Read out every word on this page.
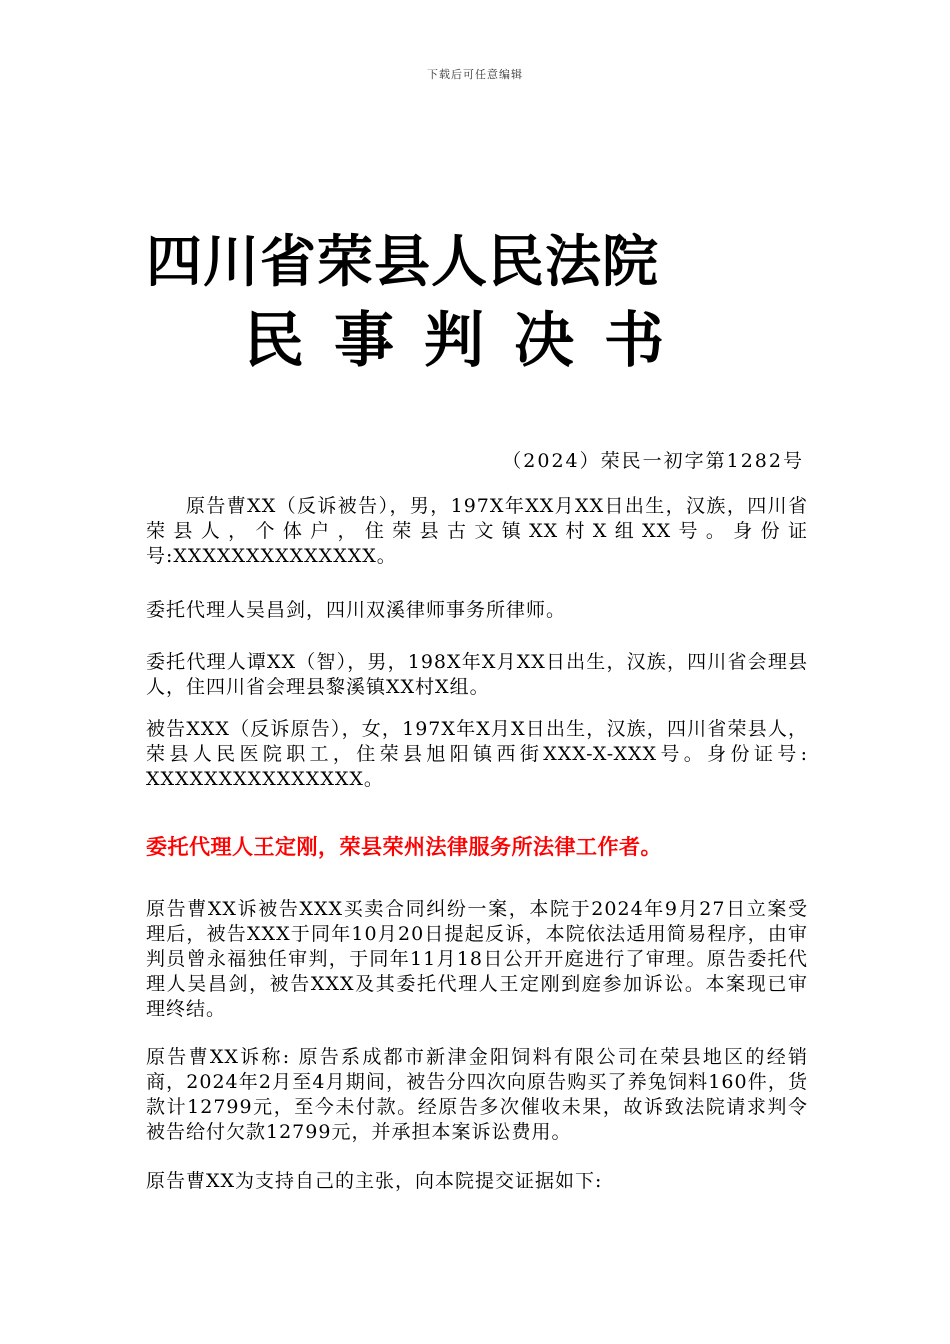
下载后可任意编辑
四川省荣县人民法院
民事判决书
（2024）荣民一初字第1282号

原告曹XX（反诉被告），男，197X年XX月XX日出生，汉族，四川省荣县人，个体户，住荣县古文镇XX村X组XX号。身份证号:XXXXXXXXXXXXXX。

委托代理人吴昌剑，四川双溪律师事务所律师。

委托代理人谭XX（智），男，198X年X月XX日出生，汉族，四川省会理县人，住四川省会理县黎溪镇XX村X组。

被告XXX（反诉原告），女，197X年X月X日出生，汉族，四川省荣县人，荣县人民医院职工，住荣县旭阳镇西街XXX-X-XXX号。身份证号: XXXXXXXXXXXXXXX。

委托代理人王定刚，荣县荣州法律服务所法律工作者。

原告曹XX诉被告XXX买卖合同纠纷一案，本院于2024年9月27日立案受理后，被告XXX于同年10月20日提起反诉，本院依法适用简易程序，由审判员曾永福独任审判，于同年11月18日公开开庭进行了审理。原告委托代理人吴昌剑，被告XXX及其委托代理人王定刚到庭参加诉讼。本案现已审理终结。

原告曹XX诉称: 原告系成都市新津金阳饲料有限公司在荣县地区的经销商，2024年2月至4月期间，被告分四次向原告购买了养兔饲料160件，货款计12799元，至今未付款。经原告多次催收未果，故诉致法院请求判令被告给付欠款12799元，并承担本案诉讼费用。

原告曹XX为支持自己的主张，向本院提交证据如下:
